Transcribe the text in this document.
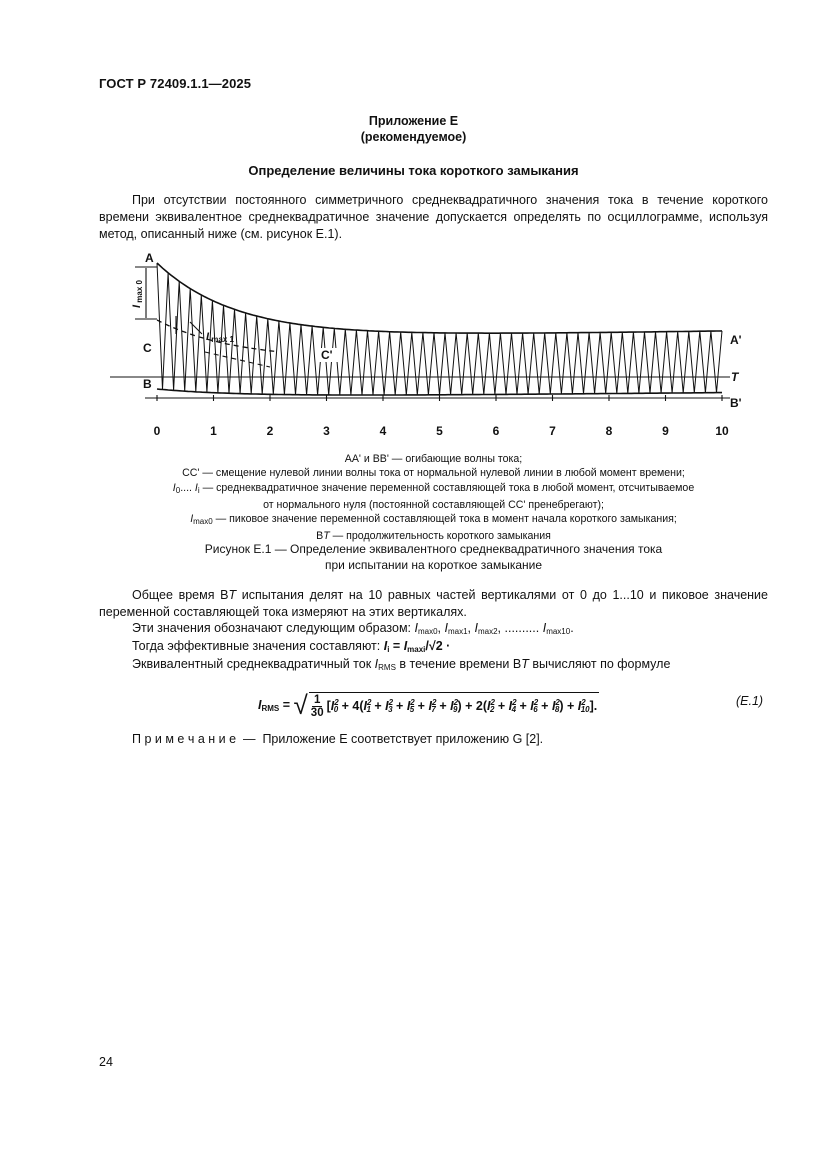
ГОСТ Р 72409.1.1—2025
Приложение Е
(рекомендуемое)
Определение величины тока короткого замыкания
При отсутствии постоянного симметричного среднеквадратичного значения тока в течение короткого времени эквивалентное среднеквадратичное значение допускается определять по осциллограмме, используя метод, описанный ниже (см. рисунок Е.1).
A
C
B
A'
T
B'
C'
I max 0
I max 1
0	1	2	3	4	5	6	7	8	9	10
AA' и BB' — огибающие волны тока;
CC' — смещение нулевой линии волны тока от нормальной нулевой линии в любой момент времени;
$I_0$.... $I_i$ — среднеквадратичное значение переменной составляющей тока в любой момент, отсчитываемое
от нормального нуля (постоянной составляющей CC' пренебрегают);
$I_{max0}$ — пиковое значение переменной составляющей тока в момент начала короткого замыкания;
BT — продолжительность короткого замыкания
Рисунок Е.1 — Определение эквивалентного среднеквадратичного значения тока
при испытании на короткое замыкание
Общее время ВT испытания делят на 10 равных частей вертикалями от 0 до 1...10 и пиковое значение переменной составляющей тока измеряют на этих вертикалях.
Эти значения обозначают следующим образом: $I_{max0}$, $I_{max1}$, $I_{max2}$, .......... $I_{max10}$.
Тогда эффективные значения составляют: $I_i = I_{maxi}/√2$ ·
Эквивалентный среднеквадратичный ток $I_{RMS}$ в течение времени ВT вычисляют по формуле
$I_{RMS}$ = √ 1
30 $[I^2_0 + 4(I^2_1 + I^2_3 + I^2_5 + I^2_7 + I^2_9) + 2(I^2_2 + I^2_4 + I^2_6 + I^2_8) + I^2_{10}]$.	(Е.1)
П р и м е ч а н и е  —  Приложение Е соответствует приложению G [2].
24
